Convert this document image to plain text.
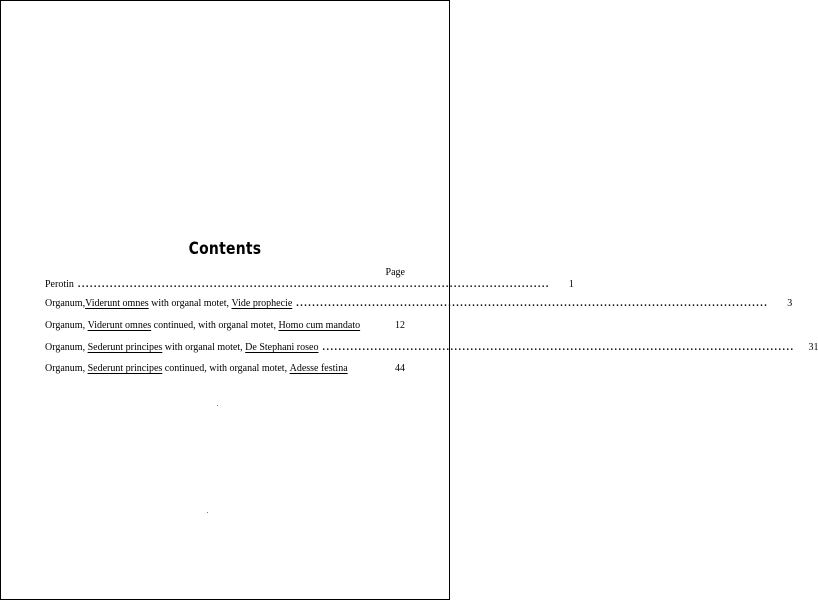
Contents
Page
Perotin ......................................................................................................................	1
Organum, Viderunt omnes with organal motet, Vide prophecie ......................................................................................................................	3
Organum, Viderunt omnes continued, with organal motet, Homo cum mandato	12
Organum, Sederunt principes with organal motet, De Stephani roseo ......................................................................................................................	31
Organum, Sederunt principes continued, with organal motet, Adesse festina	44
